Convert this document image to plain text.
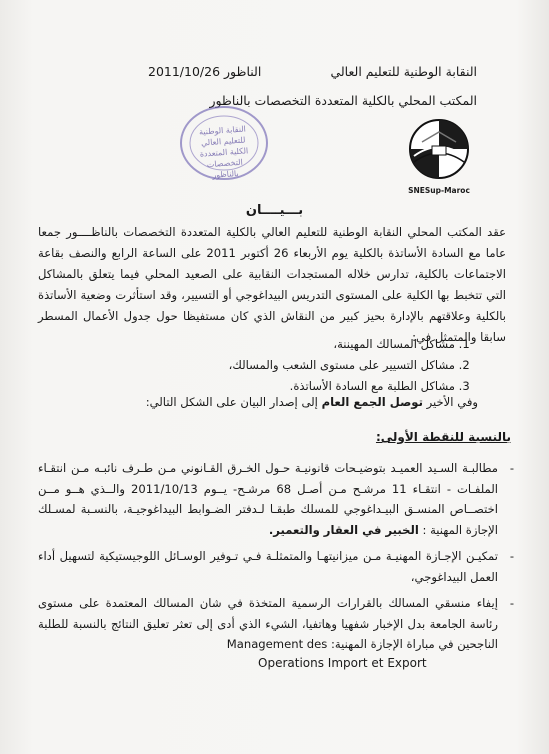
النقابة الوطنية للتعليم العالي
الناظور 2011/10/26
المكتب المحلي بالكلية المتعددة التخصصات بالناظور
SNESup-Maroc
النقابة الوطنية
للتعليم العالي
الكلية المتعددة
التخصصات
بالناظور
بـــيــــان
عقد المكتب المحلي النقابة الوطنية للتعليم العالي بالكلية المتعددة التخصصات بالناظــــور جمعا عاما مع السادة الأساتذة بالكلية يوم الأربعاء 26 أكتوبر 2011 على الساعة الرابع والنصف بقاعة الاجتماعات بالكلية، تدارس خلاله المستجدات النقابية على الصعيد المحلي فيما يتعلق بالمشاكل التي تتخبط بها الكلية على المستوى التدريس البيداغوجي أو التسيير، وقد استأثرت وضعية الأساتذة بالكلية وعلاقتهم بالإدارة بحيز كبير من النقاش الذي كان مستفيظا حول جدول الأعمال المسطر سابقا والمتمثل في:
1. مشاكل المسالك المهيننة،
2. مشاكل التسيير على مستوى الشعب والمسالك،
3. مشاكل الطلبة مع السادة الأساتذة.
وفي الأخير توصل الجمع العام إلى إصدار البيان على الشكل التالي:
بالنسبة للنقطة الأولى:
- مطالبـة السـيد العميـد بتوضيـحات قانونيـة حـول الخـرق القـانوني مـن طـرف نائبـه مـن انتقـاء الملفـات - انتقـاء 11 مرشـح مـن أصـل 68 مرشـح- يــوم 2011/10/13 والــذي هــو مــن اختصــاص المنسـق البيـداغوجي للمسلك طبقـا لـدفتر الضـوابط البيداغوجيـة، بالنسـبة لمسـلك الإجازة المهنية : الخبير في العقار والتعمير.
- تمكيـن الإجـازة المهنيـة مـن ميزانيتهـا والمتمثلـة فـي تـوفير الوسـائل اللوجيستيكية لتسهيل أداء العمل البيداغوجي،
- إيفاء منسقي المسالك بالقرارات الرسمية المتخذة في شان المسالك المعتمدة على مستوى رئاسة الجامعة بدل الإخبار شفهيا وهاتفيا، الشيء الذي أدى إلى تعثر تعليق النتائج بالنسبة للطلبة الناجحين في مباراة الإجازة المهنية: Management des
Operations Import et Export
